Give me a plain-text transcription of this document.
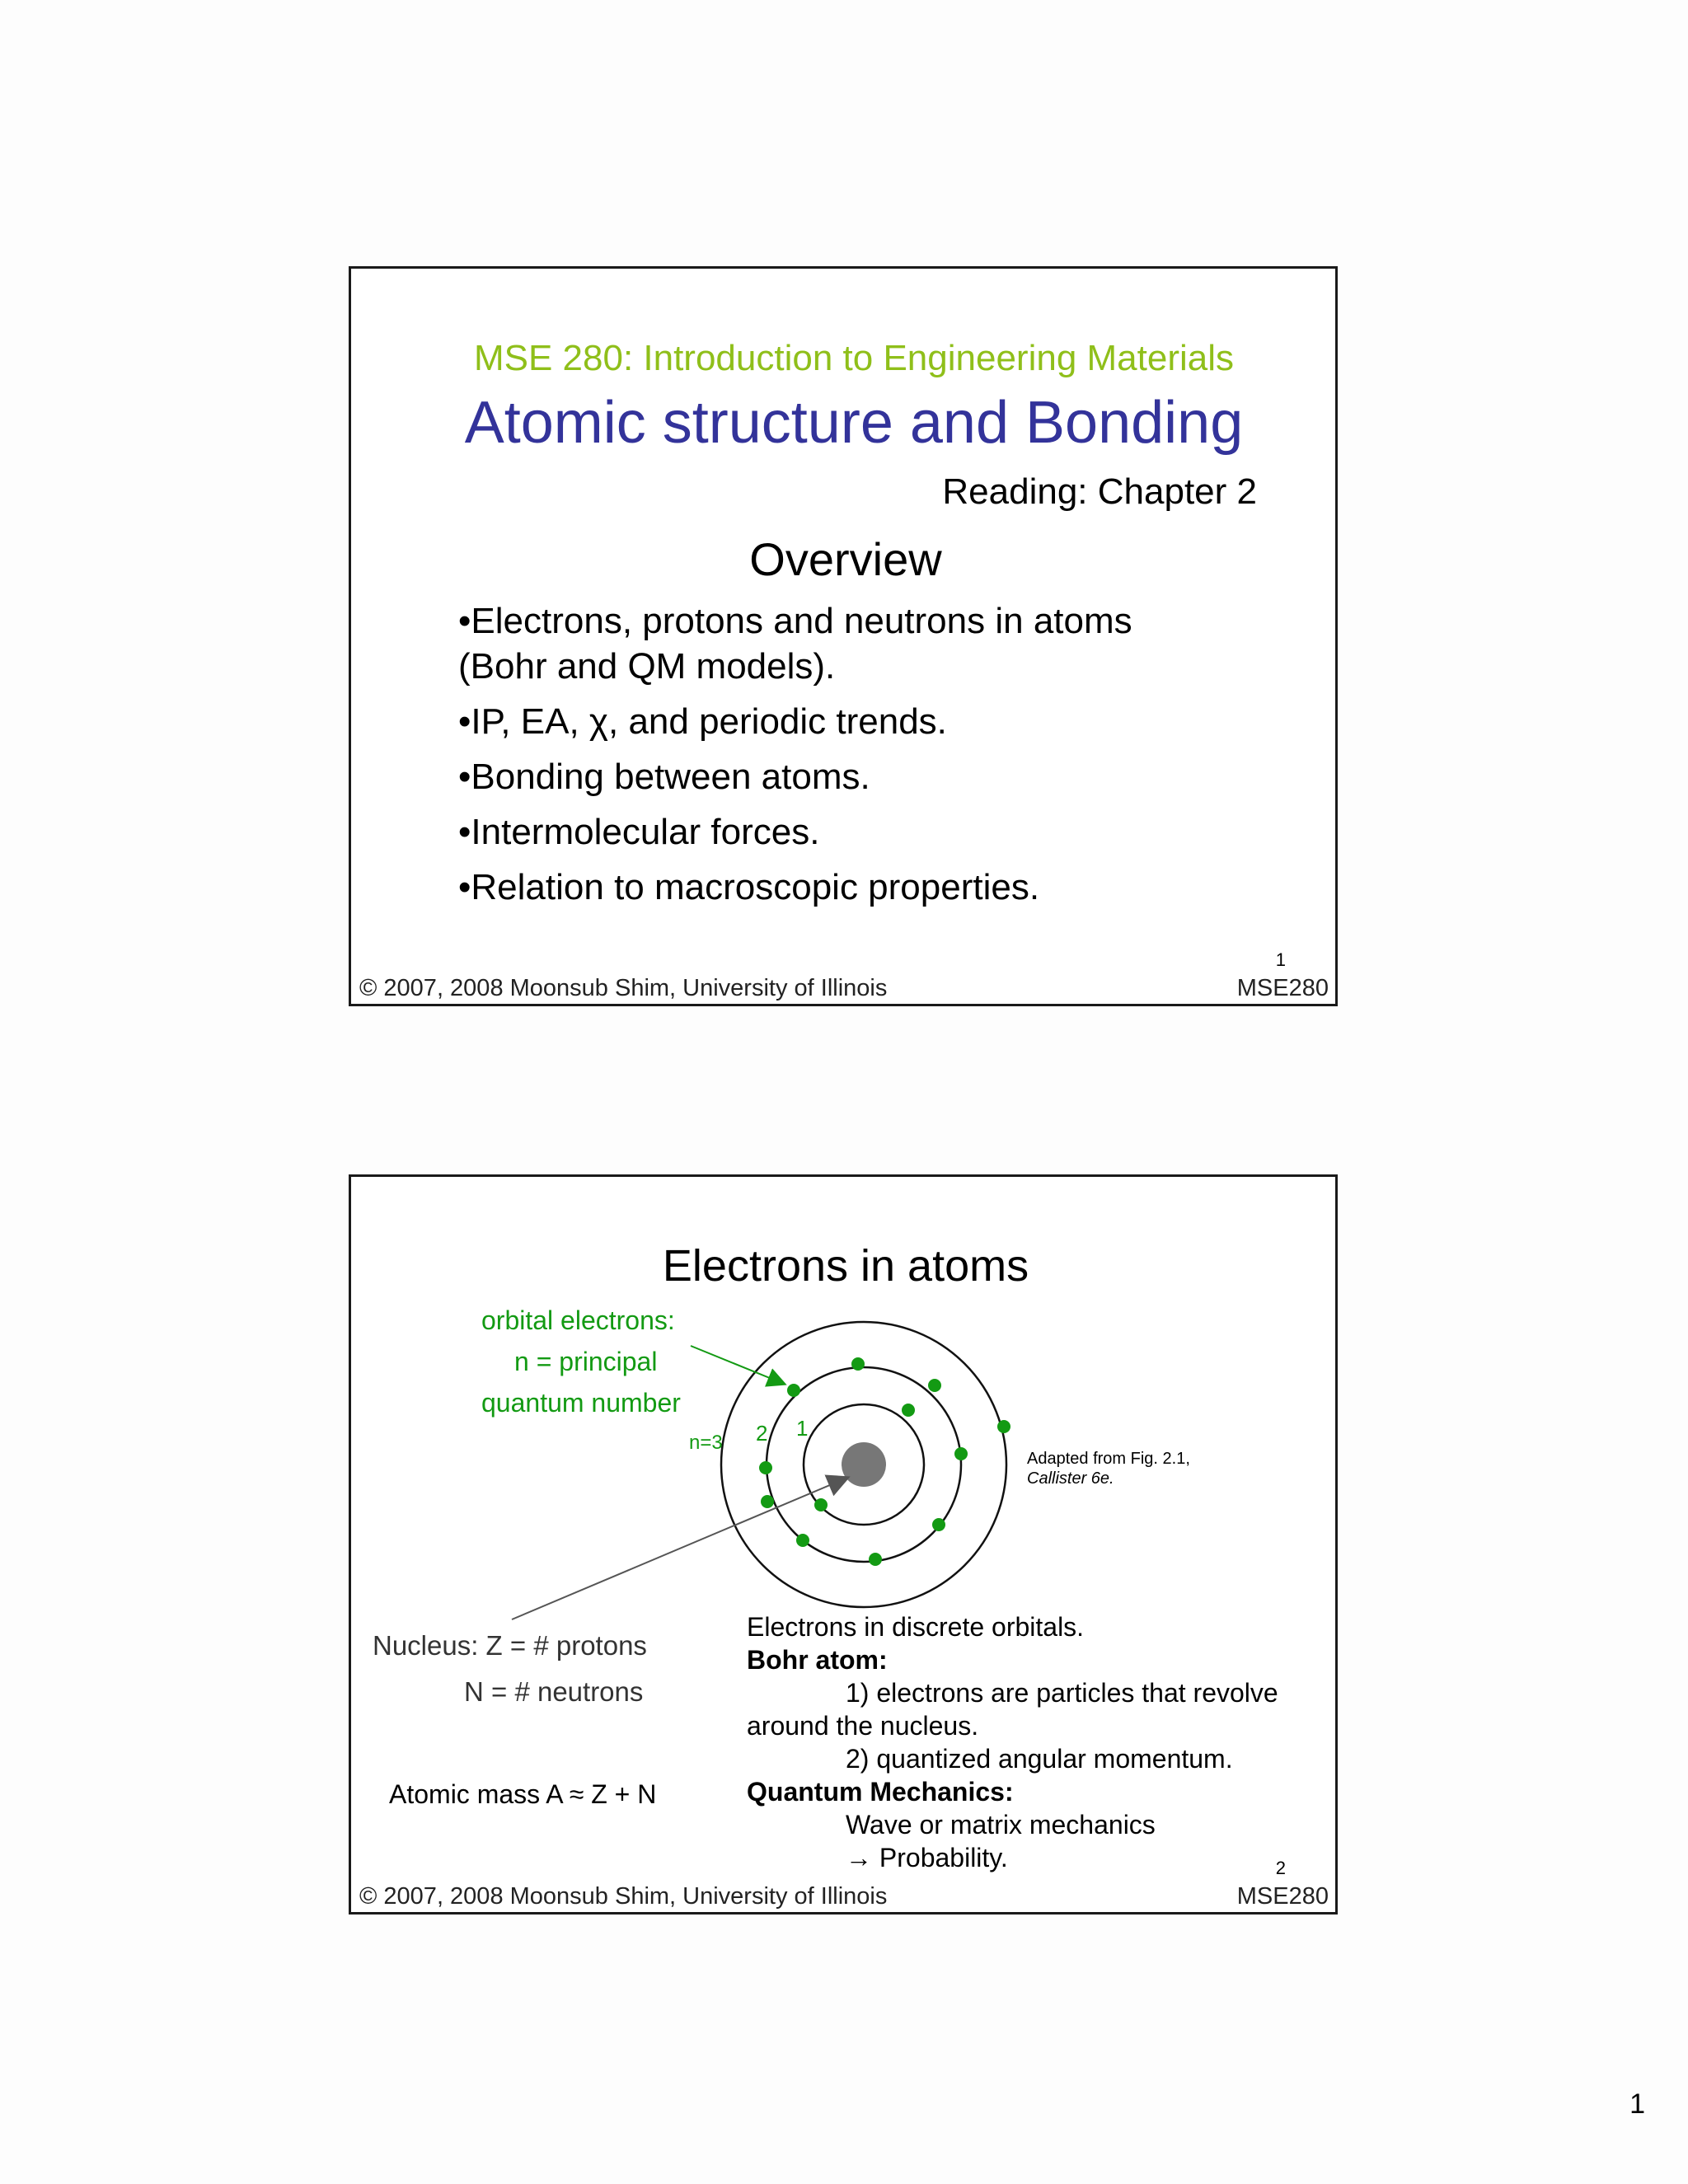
MSE 280: Introduction to Engineering Materials
Atomic structure and Bonding
Reading: Chapter 2
Overview
•Electrons, protons and neutrons in atoms
(Bohr and QM models).
•IP, EA, χ, and periodic trends.
•Bonding between atoms.
•Intermolecular forces.
•Relation to macroscopic properties.
1
© 2007, 2008 Moonsub Shim, University of Illinois	MSE280
Electrons in atoms
orbital electrons:
n = principal
quantum number
n=3 2 1
Adapted from Fig. 2.1,
Callister 6e.
Nucleus: Z = # protons
N = # neutrons
Atomic mass A ≈ Z + N
Electrons in discrete orbitals.
Bohr atom:
1) electrons are particles that revolve
around the nucleus.
2) quantized angular momentum.
Quantum Mechanics:
Wave or matrix mechanics
→ Probability.	2
© 2007, 2008 Moonsub Shim, University of Illinois	MSE280
1
